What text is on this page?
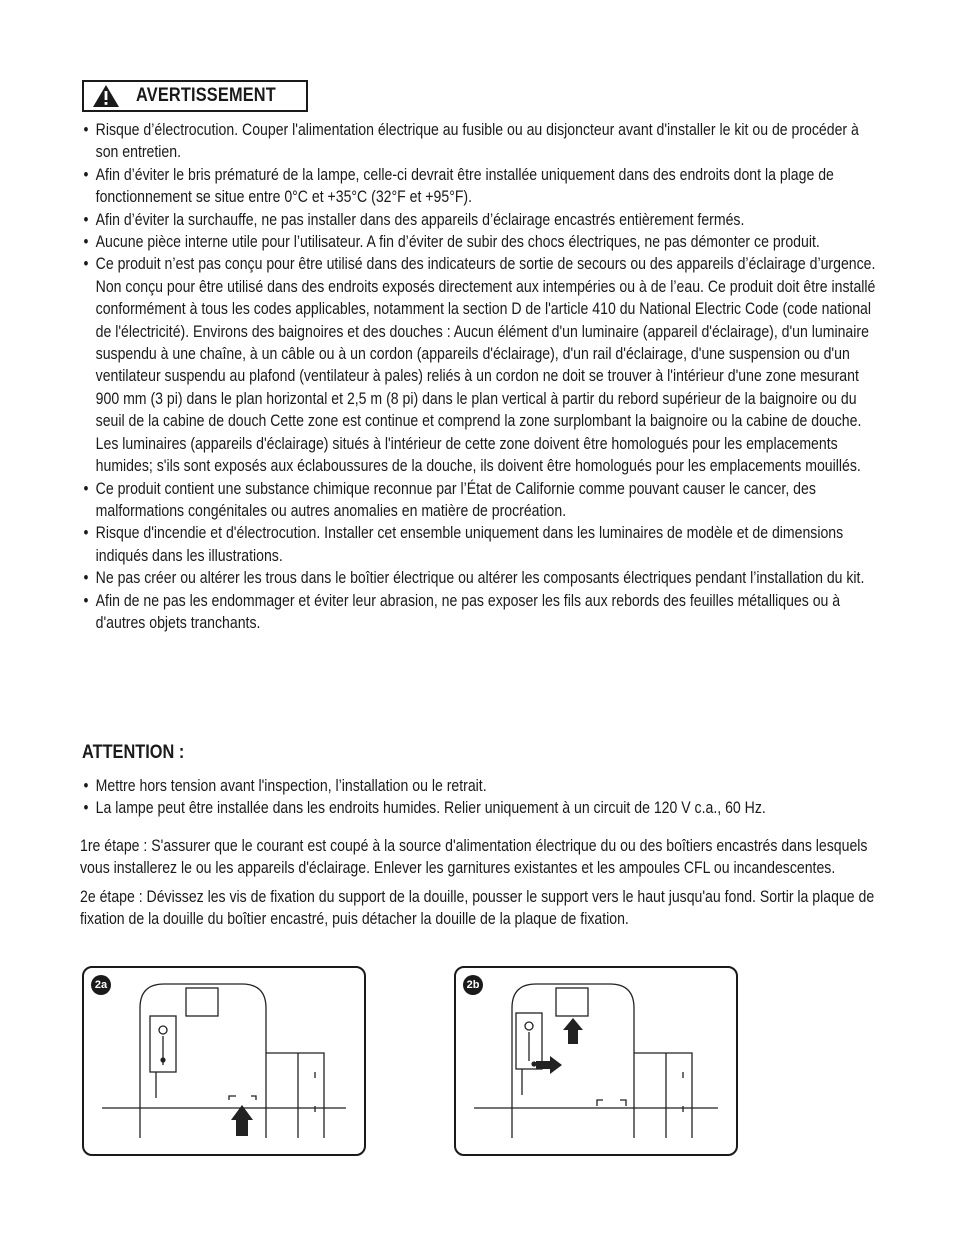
AVERTISSEMENT
• Risque d’électrocution. Couper l'alimentation électrique au fusible ou au disjoncteur avant d'installer le kit ou de procéder à son entretien.
• Afin d’éviter le bris prématuré de la lampe, celle-ci devrait être installée uniquement dans des endroits dont la plage de fonctionnement se situe entre 0°C et +35°C (32°F et +95°F).
• Afin d’éviter la surchauffe, ne pas installer dans des appareils d’éclairage encastrés entièrement fermés.
• Aucune pièce interne utile pour l’utilisateur. A fin d’éviter de subir des chocs électriques, ne pas démonter ce produit.
• Ce produit n’est pas conçu pour être utilisé dans des indicateurs de sortie de secours ou des appareils d’éclairage d’urgence. Non conçu pour être utilisé dans des endroits exposés directement aux intempéries ou à de l’eau. Ce produit doit être installé conformément à tous les codes applicables, notamment la section D de l'article 410 du National Electric Code (code national de l'électricité). Environs des baignoires et des douches : Aucun élément d'un luminaire (appareil d'éclairage), d'un luminaire suspendu à une chaîne, à un câble ou à un cordon (appareils d'éclairage), d'un rail d'éclairage, d'une suspension ou d'un ventilateur suspendu au plafond (ventilateur à pales) reliés à un cordon ne doit se trouver à l'intérieur d'une zone mesurant 900 mm (3 pi) dans le plan horizontal et 2,5 m (8 pi) dans le plan vertical à partir du rebord supérieur de la baignoire ou du seuil de la cabine de douch Cette zone est continue et comprend la zone surplombant la baignoire ou la cabine de douche. Les luminaires (appareils d'éclairage) situés à l'intérieur de cette zone doivent être homologués pour les emplacements humides; s'ils sont exposés aux éclaboussures de la douche, ils doivent être homologués pour les emplacements mouillés.
• Ce produit contient une substance chimique reconnue par l’État de Californie comme pouvant causer le cancer, des malformations congénitales ou autres anomalies en matière de procréation.
• Risque d'incendie et d'électrocution. Installer cet ensemble uniquement dans les luminaires de modèle et de dimensions indiqués dans les illustrations.
• Ne pas créer ou altérer les trous dans le boîtier électrique ou altérer les composants électriques pendant l’installation du kit.
• Afin de ne pas les endommager et éviter leur abrasion, ne pas exposer les fils aux rebords des feuilles métalliques ou à d'autres objets tranchants.
ATTENTION :
• Mettre hors tension avant l'inspection, l’installation ou le retrait.
• La lampe peut être installée dans les endroits humides. Relier uniquement à un circuit de 120 V c.a., 60 Hz.

1re étape : S'assurer que le courant est coupé à la source d'alimentation électrique du ou des boîtiers encastrés dans lesquels vous installerez le ou les appareils d'éclairage. Enlever les garnitures existantes et les ampoules CFL ou incandescentes.

2e étape : Dévissez les vis de fixation du support de la douille, pousser le support vers le haut jusqu'au fond. Sortir la plaque de fixation de la douille du boîtier encastré, puis détacher la douille de la plaque de fixation.

2a	2b
